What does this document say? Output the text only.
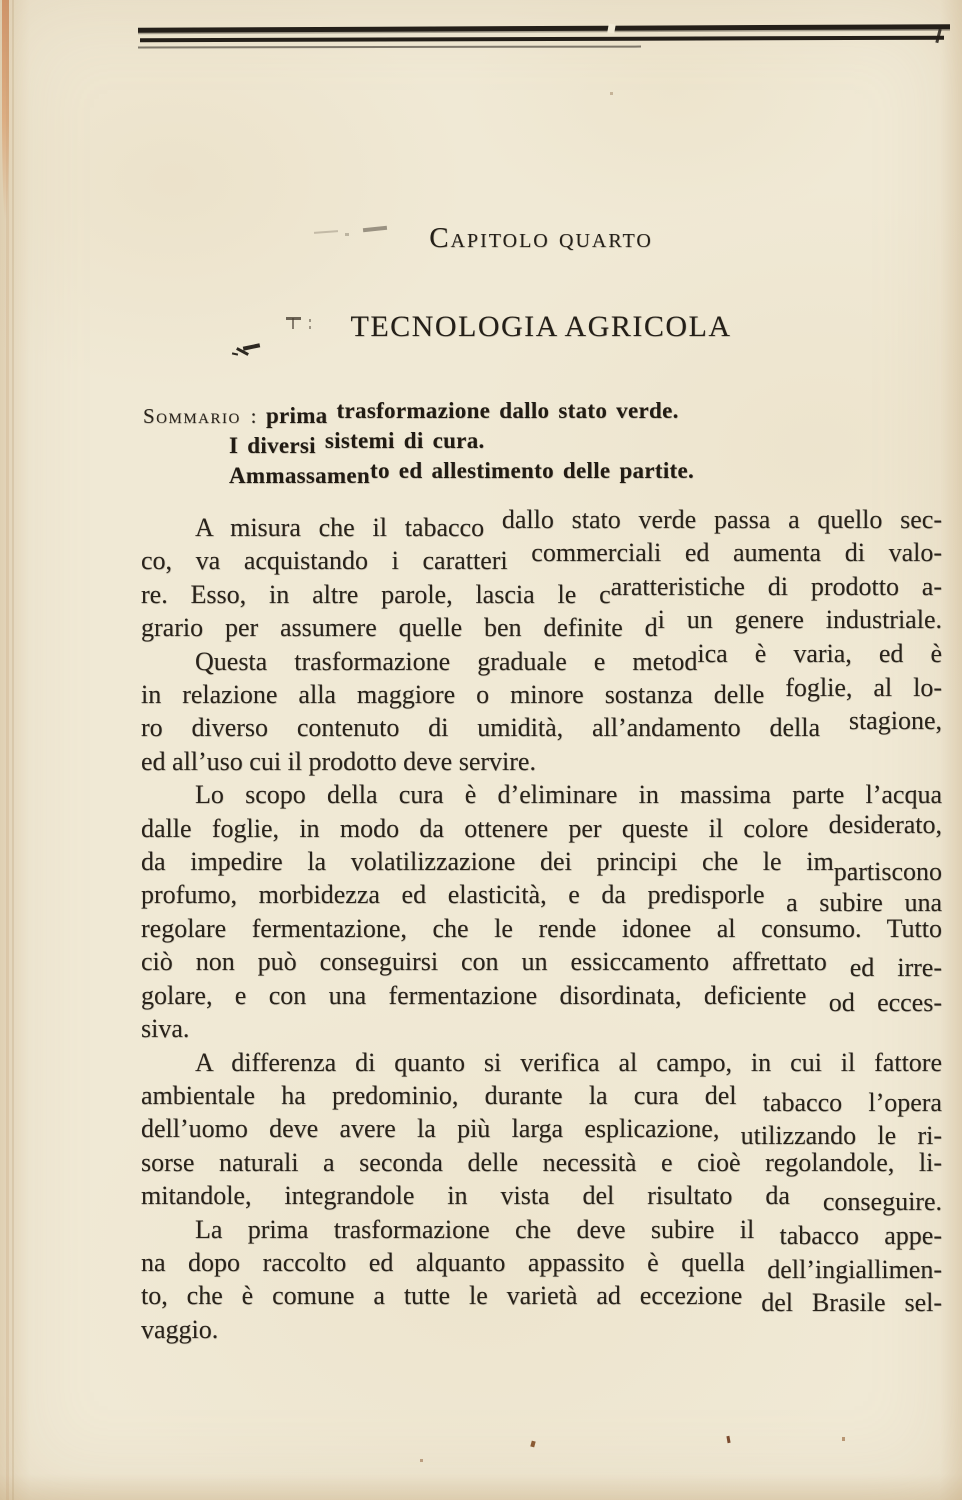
Capitolo quarto
TECNOLOGIA AGRICOLA
Sommario : prima trasformazione dallo stato verde.
I diversi sistemi di cura.
Ammassamento ed allestimento delle partite.
A misura che il tabacco dallo stato verde passa a quello sec-
co, va acquistando i caratteri commerciali ed aumenta di valo-
re. Esso, in altre parole, lascia le caratteristiche di prodotto a-
grario per assumere quelle ben definite di un genere industriale.
Questa trasformazione graduale e metodica è varia, ed è
in relazione alla maggiore o minore sostanza delle foglie, al lo-
ro diverso contenuto di umidità, all’andamento della stagione,
ed all’uso cui il prodotto deve servire.
Lo scopo della cura è d’eliminare in massima parte l’acqua
dalle foglie, in modo da ottenere per queste il colore desiderato,
da impedire la volatilizzazione dei principi che le impartiscono
profumo, morbidezza ed elasticità, e da predisporle a subire una
regolare fermentazione, che le rende idonee al consumo. Tutto
ciò non può conseguirsi con un essiccamento affrettato ed irre-
golare, e con una fermentazione disordinata, deficiente od ecces-
siva.
A differenza di quanto si verifica al campo, in cui il fattore
ambientale ha predominio, durante la cura del tabacco l’opera
dell’uomo deve avere la più larga esplicazione, utilizzando le ri-
sorse naturali a seconda delle necessità e cioè regolandole, li-
mitandole, integrandole in vista del risultato da conseguire.
La prima trasformazione che deve subire il tabacco appe-
na dopo raccolto ed alquanto appassito è quella dell’ingiallimen-
to, che è comune a tutte le varietà ad eccezione del Brasile sel-
vaggio.
